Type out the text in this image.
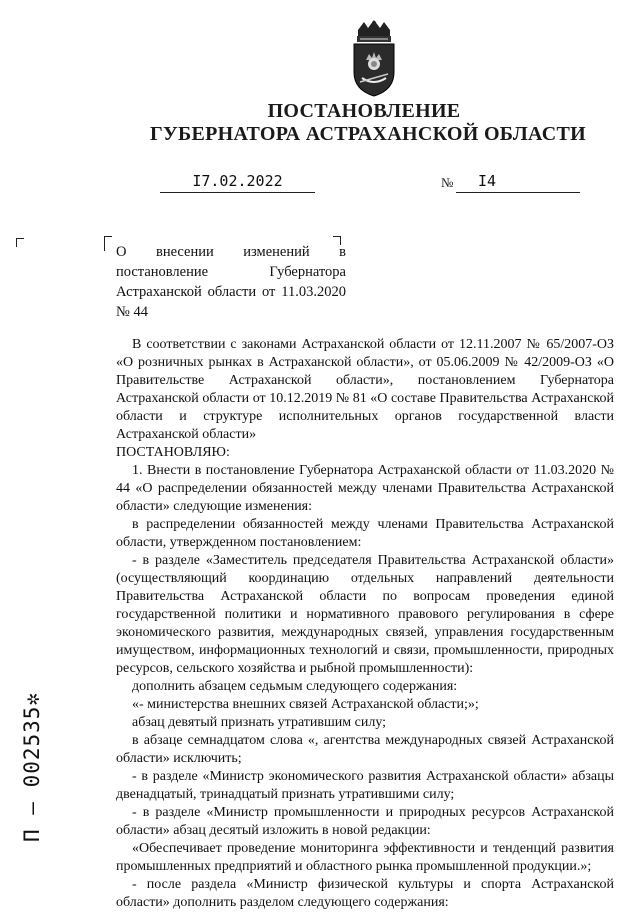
ПОСТАНОВЛЕНИЕ
ГУБЕРНАТОРА АСТРАХАНСКОЙ ОБЛАСТИ
I7.02.2022	№	I4
О внесении изменений в постановление Губернатора Астраханской области от 11.03.2020 № 44

В соответствии с законами Астраханской области от 12.11.2007 № 65/2007-ОЗ «О розничных рынках в Астраханской области», от 05.06.2009 № 42/2009-ОЗ «О Правительстве Астраханской области», постановлением Губернатора Астраханской области от 10.12.2019 № 81 «О составе Правительства Астраханской области и структуре исполнительных органов государственной власти Астраханской области»

ПОСТАНОВЛЯЮ:

1. Внести в постановление Губернатора Астраханской области от 11.03.2020 № 44 «О распределении обязанностей между членами Правительства Астраханской области» следующие изменения:

в распределении обязанностей между членами Правительства Астраханской области, утвержденном постановлением:

- в разделе «Заместитель председателя Правительства Астраханской области» (осуществляющий координацию отдельных направлений деятельности Правительства Астраханской области по вопросам проведения единой государственной политики и нормативного правового регулирования в сфере экономического развития, международных связей, управления государственным имуществом, информационных технологий и связи, промышленности, природных ресурсов, сельского хозяйства и рыбной промышленности):

дополнить абзацем седьмым следующего содержания:

«- министерства внешних связей Астраханской области;»;

абзац девятый признать утратившим силу;

в абзаце семнадцатом слова «, агентства международных связей Астраханской области» исключить;

- в разделе «Министр экономического развития Астраханской области» абзацы двенадцатый, тринадцатый признать утратившими силу;

- в разделе «Министр промышленности и природных ресурсов Астраханской области» абзац десятый изложить в новой редакции:

«Обеспечивает проведение мониторинга эффективности и тенденций развития промышленных предприятий и областного рынка промышленной продукции.»;

- после раздела «Министр физической культуры и спорта Астраханской области» дополнить разделом следующего содержания:

П – 002535✲
